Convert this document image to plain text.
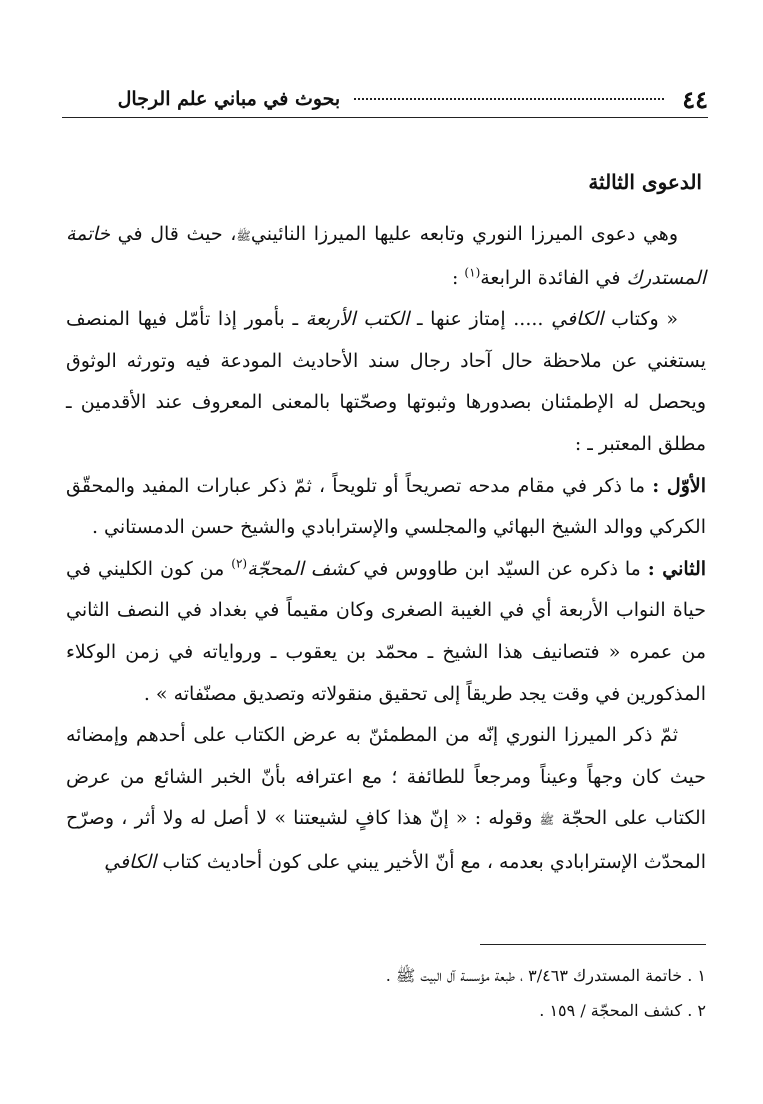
٤٤
بحوث في مباني علم الرجال
الدعوى الثالثة

وهي دعوى الميرزا النوري وتابعه عليها الميرزا النائينيﷺ، حيث قال في خاتمة المستدرك في الفائدة الرابعة$^{(١)}$ :

« وكتاب الكافي ..... إمتاز عنها ـ الكتب الأربعة ـ بأمور إذا تأمّل فيها المنصف يستغني عن ملاحظة حال آحاد رجال سند الأحاديث المودعة فيه وتورثه الوثوق ويحصل له الإطمئنان بصدورها وثبوتها وصحّتها بالمعنى المعروف عند الأقدمين ـ مطلق المعتبر ـ :

الأوّل : ما ذكر في مقام مدحه تصريحاً أو تلويحاً ، ثمّ ذكر عبارات المفيد والمحقّق الكركي ووالد الشيخ البهائي والمجلسي والإسترابادي والشيخ حسن الدمستاني .

الثاني : ما ذكره عن السيّد ابن طاووس في كشف المحجّة$^{(٢)}$ من كون الكليني في حياة النواب الأربعة أي في الغيبة الصغرى وكان مقيماً في بغداد في النصف الثاني من عمره « فتصانيف هذا الشيخ ـ محمّد بن يعقوب ـ ورواياته في زمن الوكلاء المذكورين في وقت يجد طريقاً إلى تحقيق منقولاته وتصديق مصنّفاته » .

ثمّ ذكر الميرزا النوري إنّه من المطمئنّ به عرض الكتاب على أحدهم وإمضائه حيث كان وجهاً وعيناً ومرجعاً للطائفة ؛ مع اعترافه بأنّ الخبر الشائع من عرض الكتاب على الحجّة ﷺ وقوله : « إنّ هذا كافٍ لشيعتنا » لا أصل له ولا أثر ، وصرّح المحدّث الإسترابادي بعدمه ، مع أنّ الأخير يبني على كون أحاديث كتاب الكافي

١ . خاتمة المستدرك ٣/٤٦٣ ، طبعة مؤسسة آل البيت ﷺ .

٢ . كشف المحجّة / ١٥٩ .
